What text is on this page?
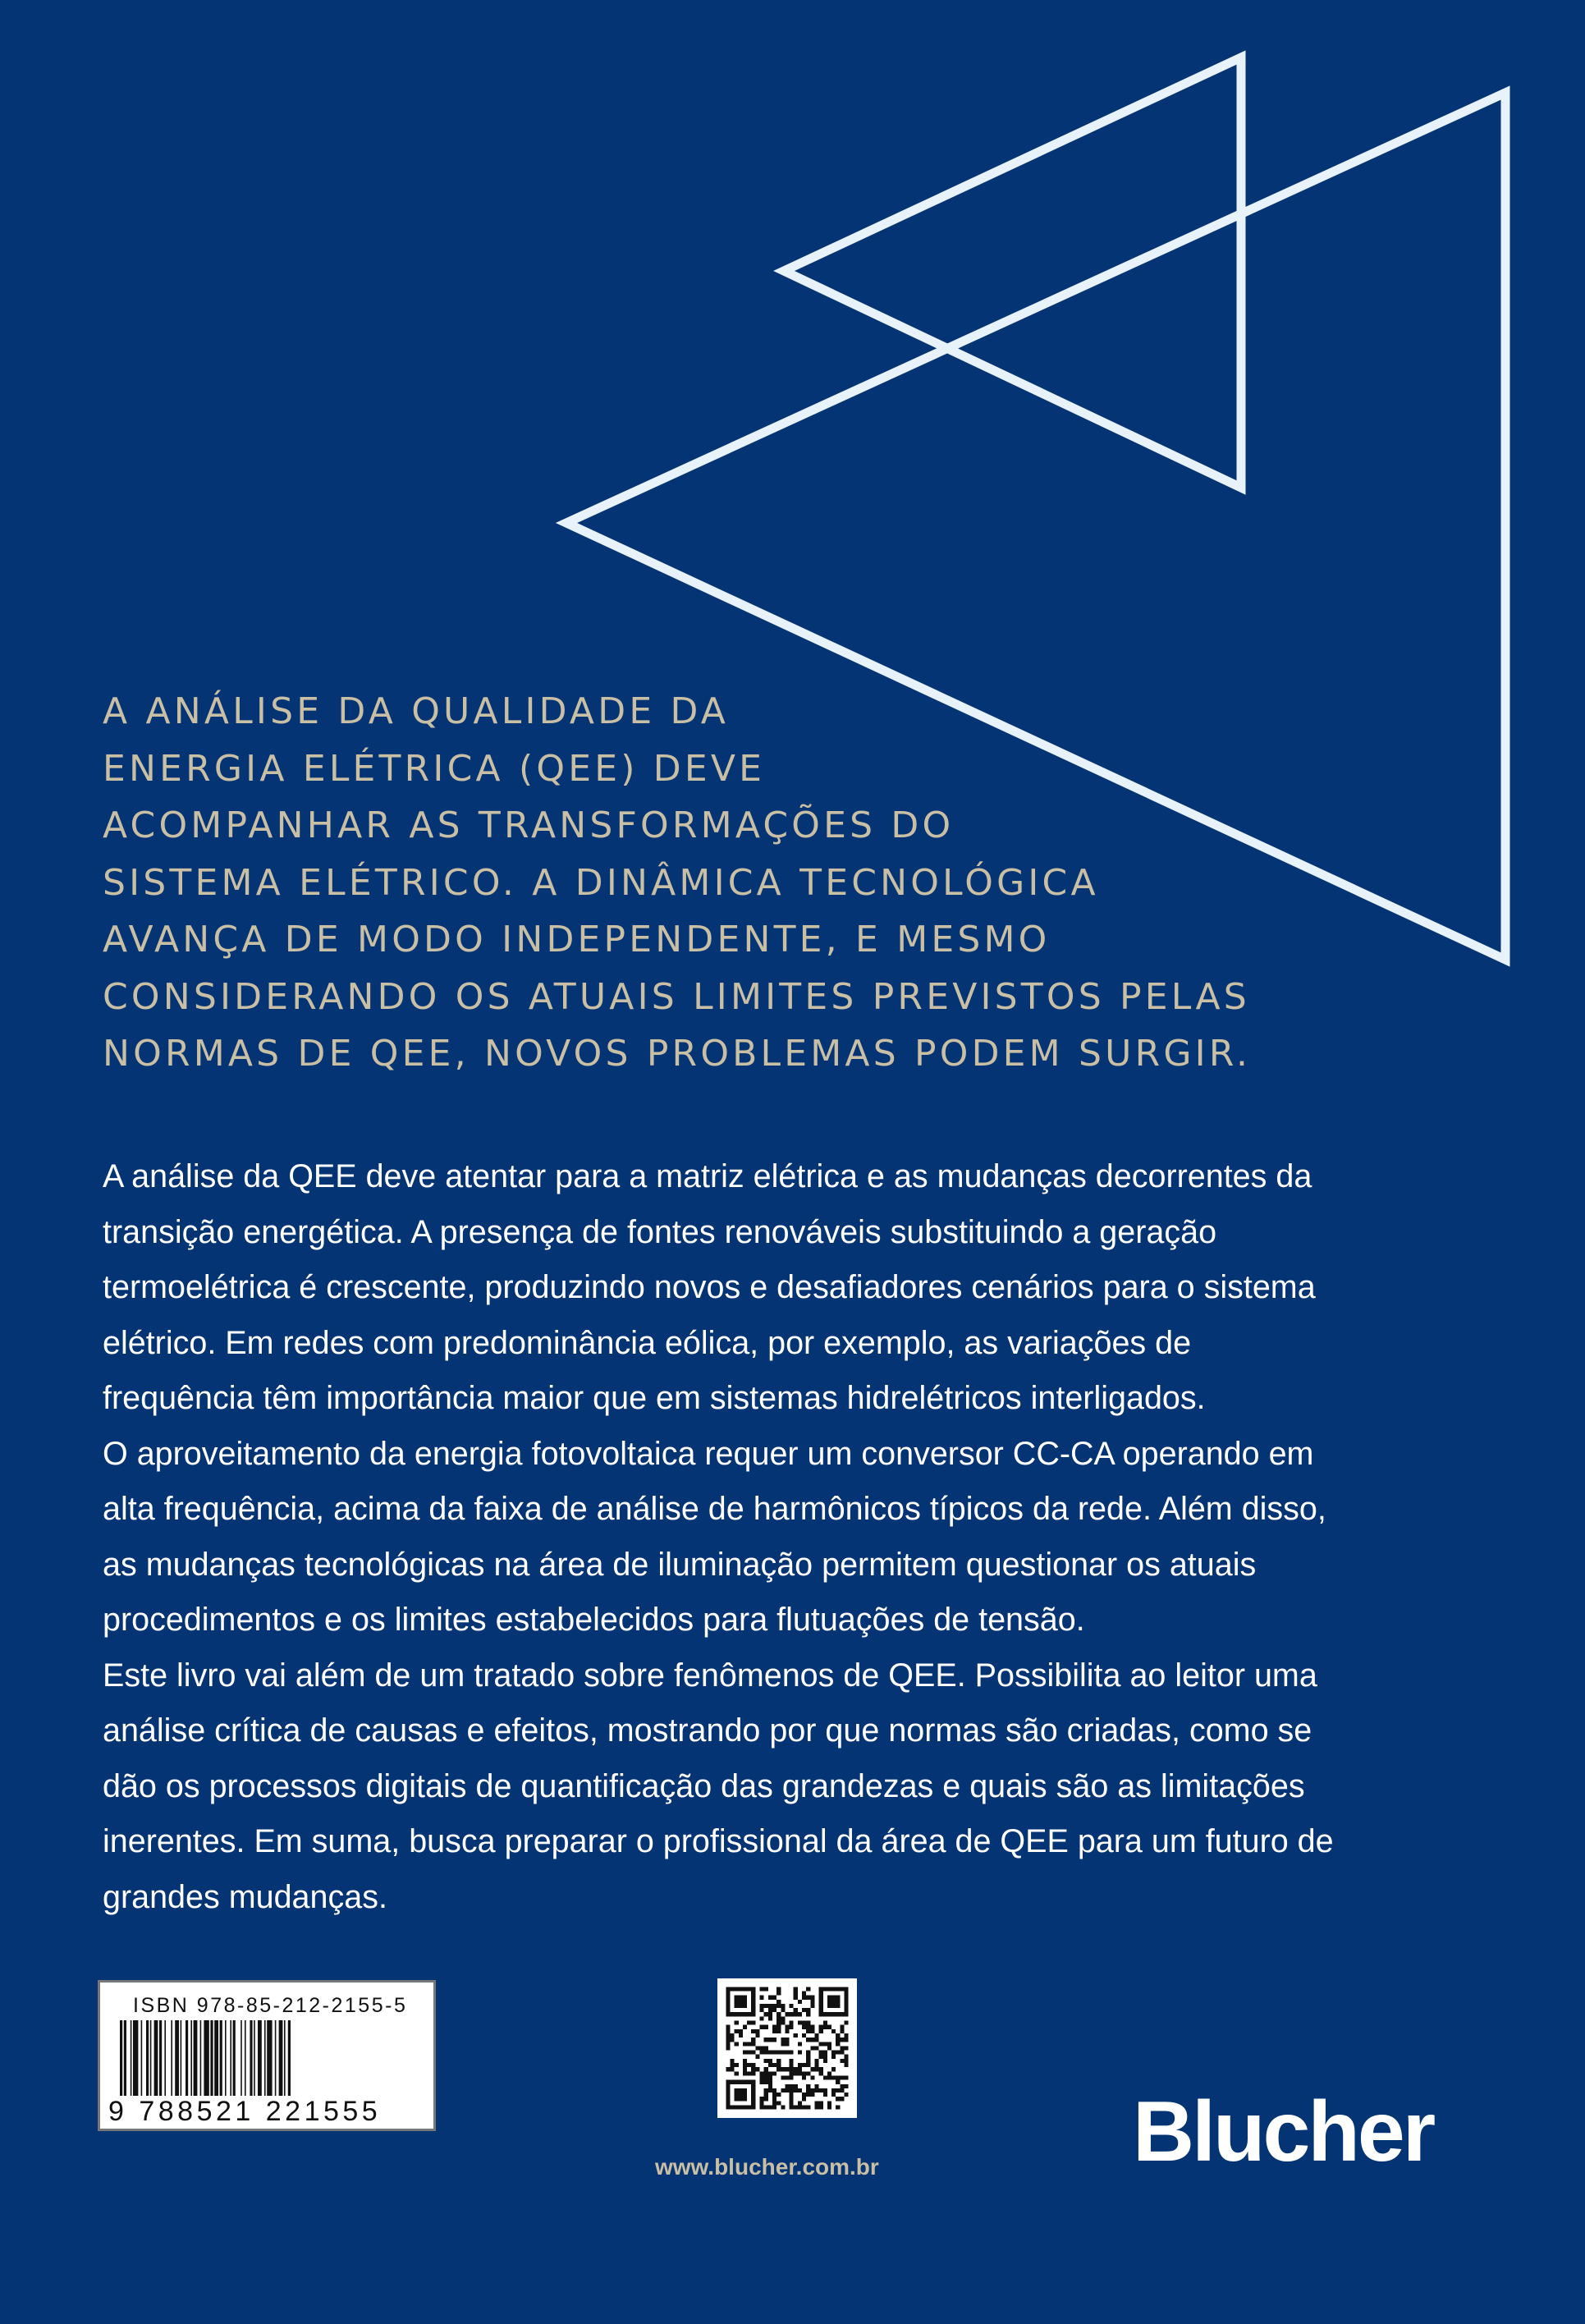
A ANÁLISE DA QUALIDADE DA
ENERGIA ELÉTRICA (QEE) DEVE
ACOMPANHAR AS TRANSFORMAÇÕES DO
SISTEMA ELÉTRICO. A DINÂMICA TECNOLÓGICA
AVANÇA DE MODO INDEPENDENTE, E MESMO
CONSIDERANDO OS ATUAIS LIMITES PREVISTOS PELAS
NORMAS DE QEE, NOVOS PROBLEMAS PODEM SURGIR.
A análise da QEE deve atentar para a matriz elétrica e as mudanças decorrentes da
transição energética. A presença de fontes renováveis substituindo a geração
termoelétrica é crescente, produzindo novos e desafiadores cenários para o sistema
elétrico. Em redes com predominância eólica, por exemplo, as variações de
frequência têm importância maior que em sistemas hidrelétricos interligados.
O aproveitamento da energia fotovoltaica requer um conversor CC-CA operando em
alta frequência, acima da faixa de análise de harmônicos típicos da rede. Além disso,
as mudanças tecnológicas na área de iluminação permitem questionar os atuais
procedimentos e os limites estabelecidos para flutuações de tensão.
Este livro vai além de um tratado sobre fenômenos de QEE. Possibilita ao leitor uma
análise crítica de causas e efeitos, mostrando por que normas são criadas, como se
dão os processos digitais de quantificação das grandezas e quais são as limitações
inerentes. Em suma, busca preparar o profissional da área de QEE para um futuro de
grandes mudanças.
ISBN 978-85-212-2155-5
9 788521 221555
www.blucher.com.br	Blucher
